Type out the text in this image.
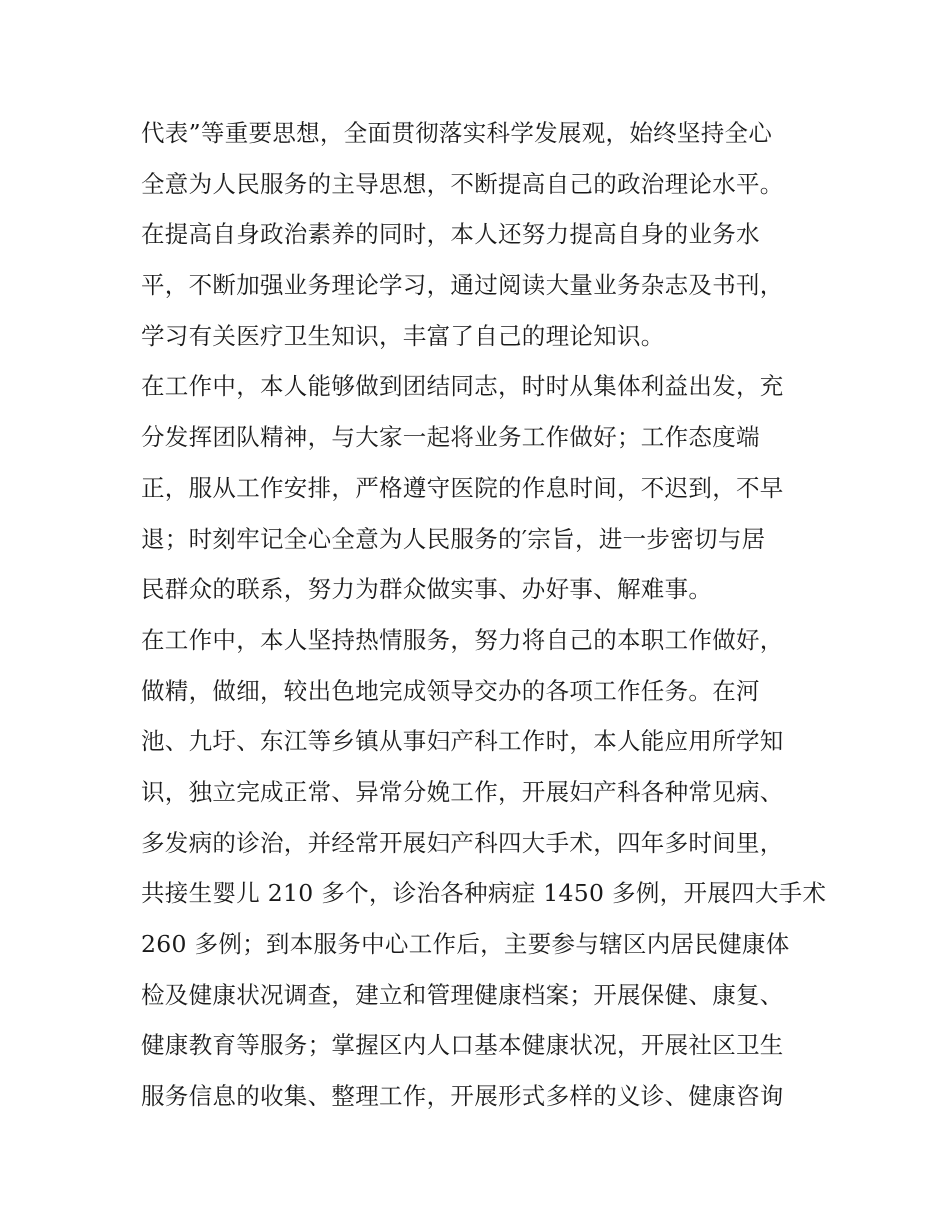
代表”等重要思想，全面贯彻落实科学发展观，始终坚持全心
全意为人民服务的主导思想，不断提高自己的政治理论水平。
在提高自身政治素养的同时，本人还努力提高自身的业务水
平，不断加强业务理论学习，通过阅读大量业务杂志及书刊，
学习有关医疗卫生知识，丰富了自己的理论知识。
在工作中，本人能够做到团结同志，时时从集体利益出发，充
分发挥团队精神，与大家一起将业务工作做好；工作态度端
正，服从工作安排，严格遵守医院的作息时间，不迟到，不早
退；时刻牢记全心全意为人民服务的′宗旨，进一步密切与居
民群众的联系，努力为群众做实事、办好事、解难事。
在工作中，本人坚持热情服务，努力将自己的本职工作做好，
做精，做细，较出色地完成领导交办的各项工作任务。在河
池、九圩、东江等乡镇从事妇产科工作时，本人能应用所学知
识，独立完成正常、异常分娩工作，开展妇产科各种常见病、
多发病的诊治，并经常开展妇产科四大手术，四年多时间里，
共接生婴儿 210 多个，诊治各种病症 1450 多例，开展四大手术
260 多例；到本服务中心工作后，主要参与辖区内居民健康体
检及健康状况调查，建立和管理健康档案；开展保健、康复、
健康教育等服务；掌握区内人口基本健康状况，开展社区卫生
服务信息的收集、整理工作，开展形式多样的义诊、健康咨询
